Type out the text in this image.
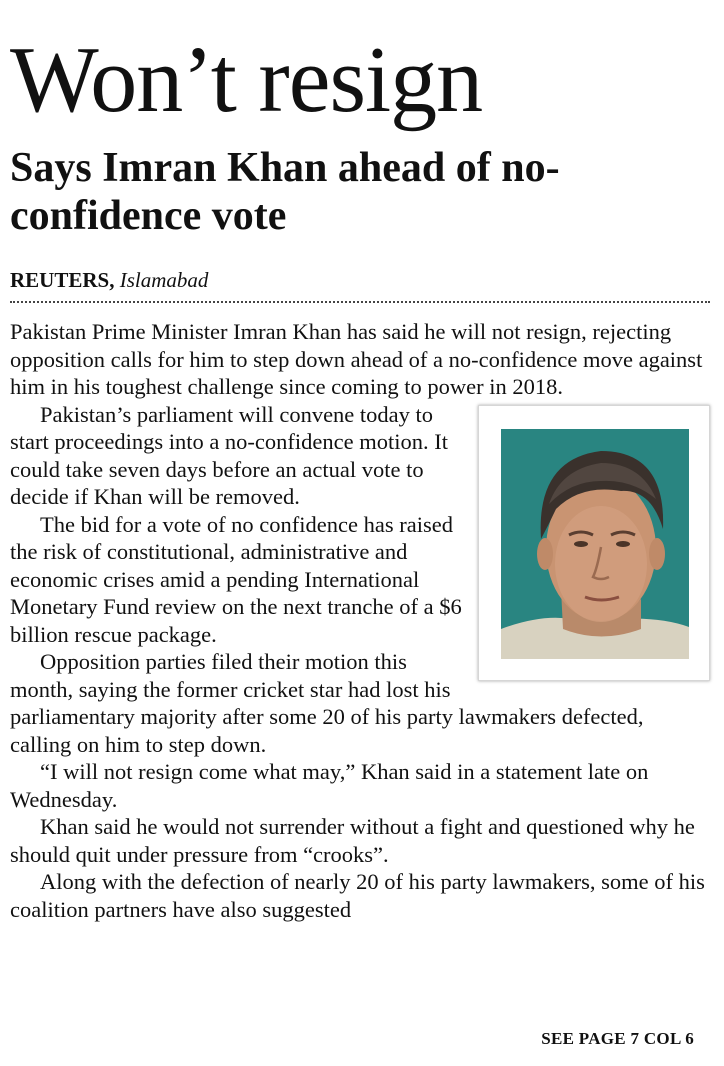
Won’t resign
Says Imran Khan ahead of no-confidence vote
REUTERS, Islamabad

Pakistan Prime Minister Imran Khan has said he will not resign, rejecting opposition calls for him to step down ahead of a no-confidence move against him in his toughest challenge since coming to power in 2018.

Pakistan’s parliament will convene today to start proceedings into a no-confidence motion. It could take seven days before an actual vote to decide if Khan will be removed.

The bid for a vote of no confidence has raised the risk of constitutional, administrative and economic crises amid a pending International Monetary Fund review on the next tranche of a $6 billion rescue package.

Opposition parties filed their motion this month, saying the former cricket star had lost his parliamentary majority after some 20 of his party lawmakers defected, calling on him to step down.

“I will not resign come what may,” Khan said in a statement late on Wednesday.

Khan said he would not surrender without a fight and questioned why he should quit under pressure from “crooks”.

Along with the defection of nearly 20 of his party lawmakers, some of his coalition partners have also suggested

SEE PAGE 7 COL 6
